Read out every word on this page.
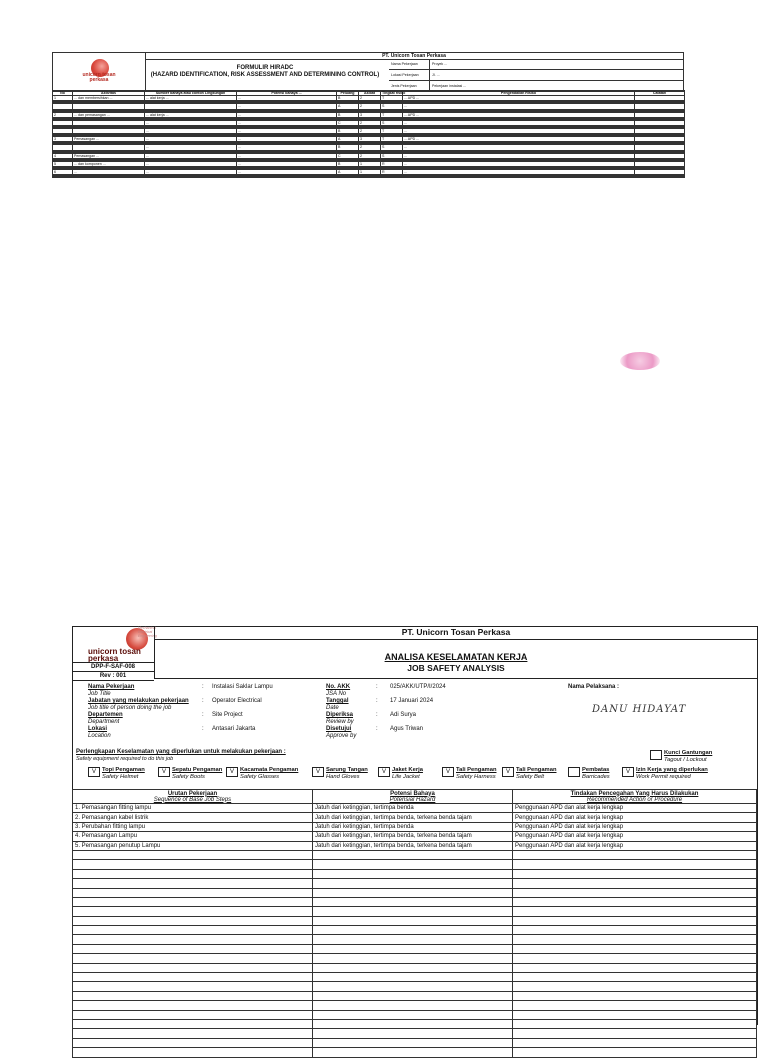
unicorn tosan perkasa
PT. Unicorn Tosan Perkasa
FORMULIR HIRADC
(HAZARD IDENTIFICATION, RISK ASSESSMENT AND DETERMINING CONTROL)
Nama Pekerjaan	Proyek ...
Lokasi Pekerjaan	Jl. ...
Jenis Pekerjaan	Pekerjaan instalasi ...
No	Aktivitas	Sumber bahaya atau contoh Lingkungan	Potensi bahaya ...	Peluang	Akibat	Tingkat risiko	Pengendalian Risiko	Catatan
1	... dan membersihkan ...	... alat kerja ...	...	B	2	T	... APD ...	

			...	A	2	S	...	

2	... dan pemasangan ...	... alat kerja ...	...	B	3	T	... APD ...	

		...	...	C	2	S	...	

		...	...	B	2	T	...	

3	Pemasangan ...	...	...	A	3	T	... APD ...	

		...	...	B	2	S	...	

4	Pemasangan ...	...	...	C	2	S	...	

5	... dan komponen ...	...	...	B	1	R	...	

6	...	...	...	A	1	R	...	

Mechanical Electrical Engineering
unicorn tosan perkasa
DPP-F-SAF-008
Rev : 001
PT. Unicorn Tosan Perkasa
ANALISA KESELAMATAN KERJA
JOB SAFETY ANALYSIS
Nama Pekerjaan
Job Title
: Instalasi Saklar Lampu
Jabatan yang melakukan pekerjaan
Job title of person doing the job
: Operator Electrical
Departemen
Department
: Site Project
Lokasi
Location
: Antasari Jakarta
No. AKK
JSA No
: 025/AKK/UTP/I/2024
Tanggal
Date
: 17 Januari 2024
Diperiksa
Review by
: Adi Surya
Disetujui
Approve by
: Agus Triwan
Nama Pelaksana :
DANU HIDAYAT
Perlengkapan Keselamatan yang diperlukan untuk melakukan pekerjaan :
Safety equipment required to do this job
V	Topi Pengaman
Safety Helmet
V	Sepatu Pengaman
Safety Boots
V	Kacamata Pengaman
Safety Glasses
V	Sarung Tangan
Hand Gloves
V	Jaket Kerja
Life Jacket
V	Tali Pengaman
Safety Harness
V	Tali Pengaman
Safety Belt
Pembatas
Barricades
Kunci Gantungan
Tagout / Lockout
V	Izin Kerja yang diperlukan
Work Permit required
Urutan Pekerjaan
Sequence of Base Job Steps	Potensi Bahaya
Potensial Hazard	Tindakan Pencegahan Yang Harus Dilakukan
Recommended Action or Procedure

1. Pemasangan fitting lampu	Jatuh dari ketinggian, tertimpa benda	Penggunaan APD dan alat kerja lengkap
2. Pemasangan kabel listrik	Jatuh dari ketinggian, tertimpa benda, terkena benda tajam	Penggunaan APD dan alat kerja lengkap
3. Perubahan fitting lampu	Jatuh dari ketinggian, tertimpa benda	Penggunaan APD dan alat kerja lengkap
4. Pemasangan Lampu	Jatuh dari ketinggian, tertimpa benda, terkena benda tajam	Penggunaan APD dan alat kerja lengkap
5. Pemasangan penutup Lampu	Jatuh dari ketinggian, tertimpa benda, terkena benda tajam	Penggunaan APD dan alat kerja lengkap
